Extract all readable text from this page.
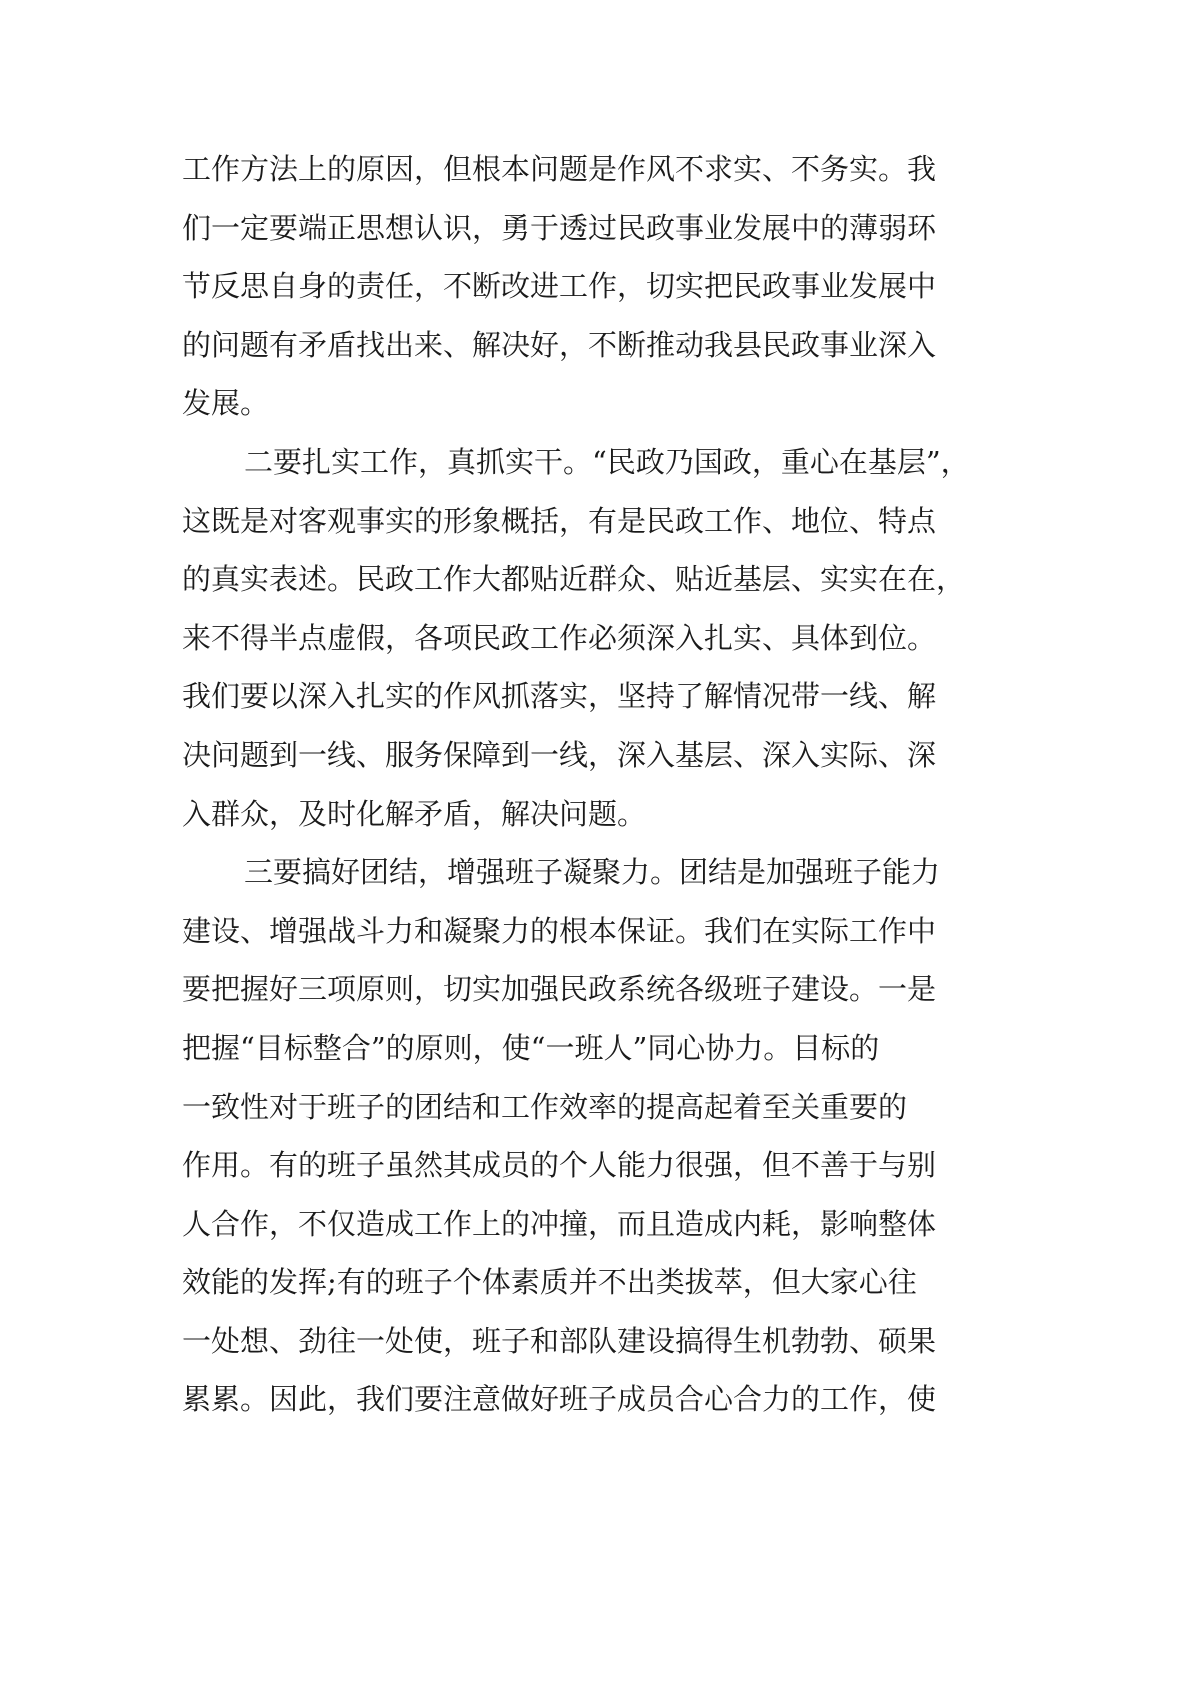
工作方法上的原因，但根本问题是作风不求实、不务实。我
们一定要端正思想认识，勇于透过民政事业发展中的薄弱环
节反思自身的责任，不断改进工作，切实把民政事业发展中
的问题有矛盾找出来、解决好，不断推动我县民政事业深入
发展。
二要扎实工作，真抓实干。“民政乃国政，重心在基层”，
这既是对客观事实的形象概括，有是民政工作、地位、特点
的真实表述。民政工作大都贴近群众、贴近基层、实实在在，
来不得半点虚假，各项民政工作必须深入扎实、具体到位。
我们要以深入扎实的作风抓落实，坚持了解情况带一线、解
决问题到一线、服务保障到一线，深入基层、深入实际、深
入群众，及时化解矛盾，解决问题。
三要搞好团结，增强班子凝聚力。团结是加强班子能力
建设、增强战斗力和凝聚力的根本保证。我们在实际工作中
要把握好三项原则，切实加强民政系统各级班子建设。一是
把握“目标整合”的原则，使“一班人”同心协力。目标的
一致性对于班子的团结和工作效率的提高起着至关重要的
作用。有的班子虽然其成员的个人能力很强，但不善于与别
人合作，不仅造成工作上的冲撞，而且造成内耗，影响整体
效能的发挥;有的班子个体素质并不出类拔萃，但大家心往
一处想、劲往一处使，班子和部队建设搞得生机勃勃、硕果
累累。因此，我们要注意做好班子成员合心合力的工作，使
